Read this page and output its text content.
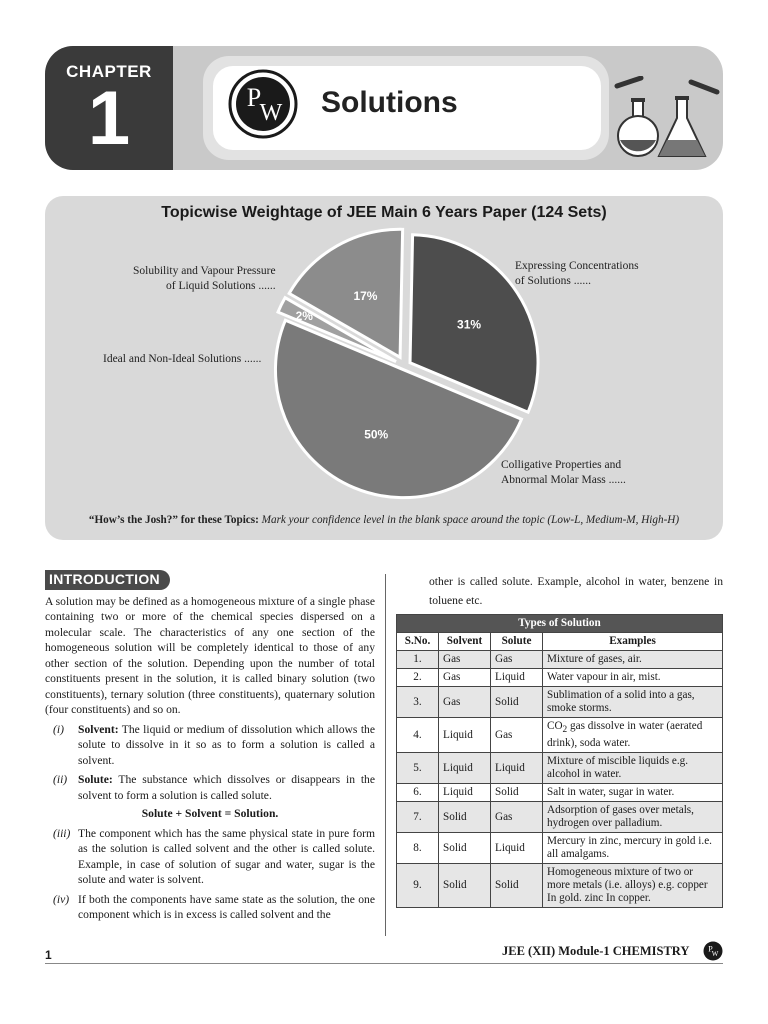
CHAPTER
1	P
W Solutions
Topicwise Weightage of JEE Main 6 Years Paper (124 Sets)
31%
50%
2%
17%
Expressing Concentrations
of Solutions ......
Colligative Properties and
Abnormal Molar Mass ......
Ideal and Non-Ideal Solutions ......
Solubility and Vapour Pressure
of Liquid Solutions ......
“How’s the Josh?” for these Topics: Mark your confidence level in the blank space around the topic (Low-L, Medium-M, High-H)
INTRODUCTION
A solution may be defined as a homogeneous mixture of a single phase containing two or more of the chemical species dispersed on a molecular scale. The characteristics of any one section of the homogeneous solution will be completely identical to those of any other section of the solution. Depending upon the number of total constituents present in the solution, it is called binary solution (two constituents), ternary solution (three constituents), quaternary solution (four constituents) and so on.
(i) Solvent: The liquid or medium of dissolution which allows the solute to dissolve in it so as to form a solution is called a solvent.
(ii) Solute: The substance which dissolves or disappears in the solvent to form a solution is called solute.
Solute + Solvent = Solution.
(iii) The component which has the same physical state in pure form as the solution is called solvent and the other is called solute. Example, in case of solution of sugar and water, sugar is the solute and water is solvent.
(iv) If both the components have same state as the solution, the one component which is in excess is called solvent and the
other is called solute. Example, alcohol in water, benzene in toluene etc.
Types of Solution			
S.No.	Solvent	Solute	Examples
1.	Gas	Gas	Mixture of gases, air.
2.	Gas	Liquid	Water vapour in air, mist.
3.	Gas	Solid	Sublimation of a solid into a gas, smoke storms.
4.	Liquid	Gas	$CO_2$ gas dissolve in water (aerated drink), soda water.
5.	Liquid	Liquid	Mixture of miscible liquids e.g. alcohol in water.
6.	Liquid	Solid	Salt in water, sugar in water.
7.	Solid	Gas	Adsorption of gases over metals, hydrogen over palladium.
8.	Solid	Liquid	Mercury in zinc, mercury in gold i.e. all amalgams.
9.	Solid	Solid	Homogeneous mixture of two or more metals (i.e. alloys) e.g. copper In gold. zinc In copper.
1	JEE (XII) Module-1 CHEMISTRY P
W
